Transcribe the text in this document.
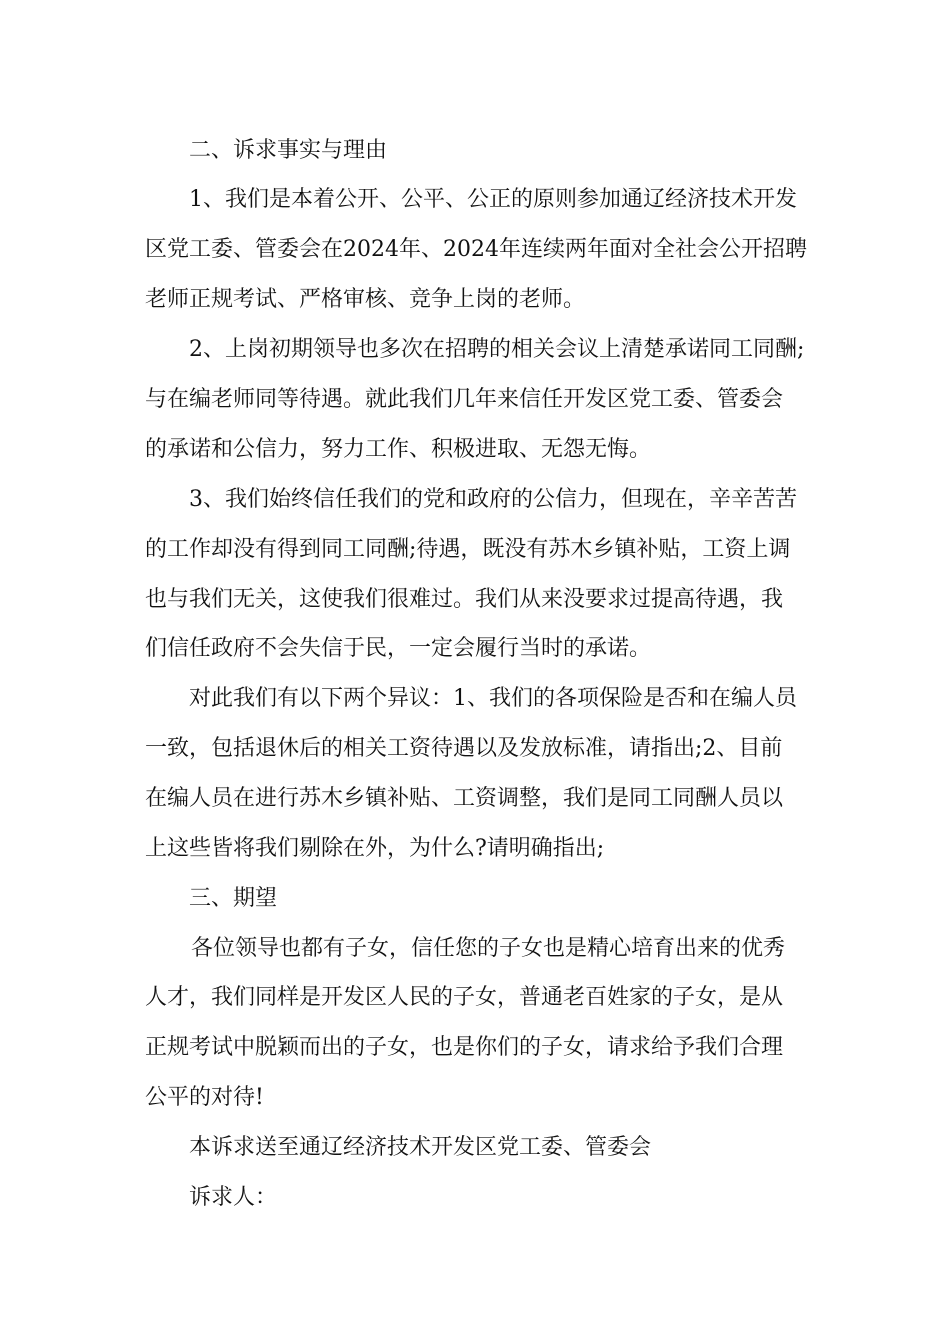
二、诉求事实与理由
1、我们是本着公开、公平、公正的原则参加通辽经济技术开发
区党工委、管委会在2024年、2024年连续两年面对全社会公开招聘
老师正规考试、严格审核、竞争上岗的老师。
2、上岗初期领导也多次在招聘的相关会议上清楚承诺同工同酬;
与在编老师同等待遇。就此我们几年来信任开发区党工委、管委会
的承诺和公信力，努力工作、积极进取、无怨无悔。
3、我们始终信任我们的党和政府的公信力，但现在，辛辛苦苦
的工作却没有得到同工同酬;待遇，既没有苏木乡镇补贴，工资上调
也与我们无关，这使我们很难过。我们从来没要求过提高待遇，我
们信任政府不会失信于民，一定会履行当时的承诺。
对此我们有以下两个异议：1、我们的各项保险是否和在编人员
一致，包括退休后的相关工资待遇以及发放标准，请指出;2、目前
在编人员在进行苏木乡镇补贴、工资调整，我们是同工同酬人员以
上这些皆将我们剔除在外，为什么?请明确指出;
三、期望
各位领导也都有子女，信任您的子女也是精心培育出来的优秀
人才，我们同样是开发区人民的子女，普通老百姓家的子女，是从
正规考试中脱颖而出的子女，也是你们的子女，请求给予我们合理
公平的对待!
本诉求送至通辽经济技术开发区党工委、管委会
诉求人：
